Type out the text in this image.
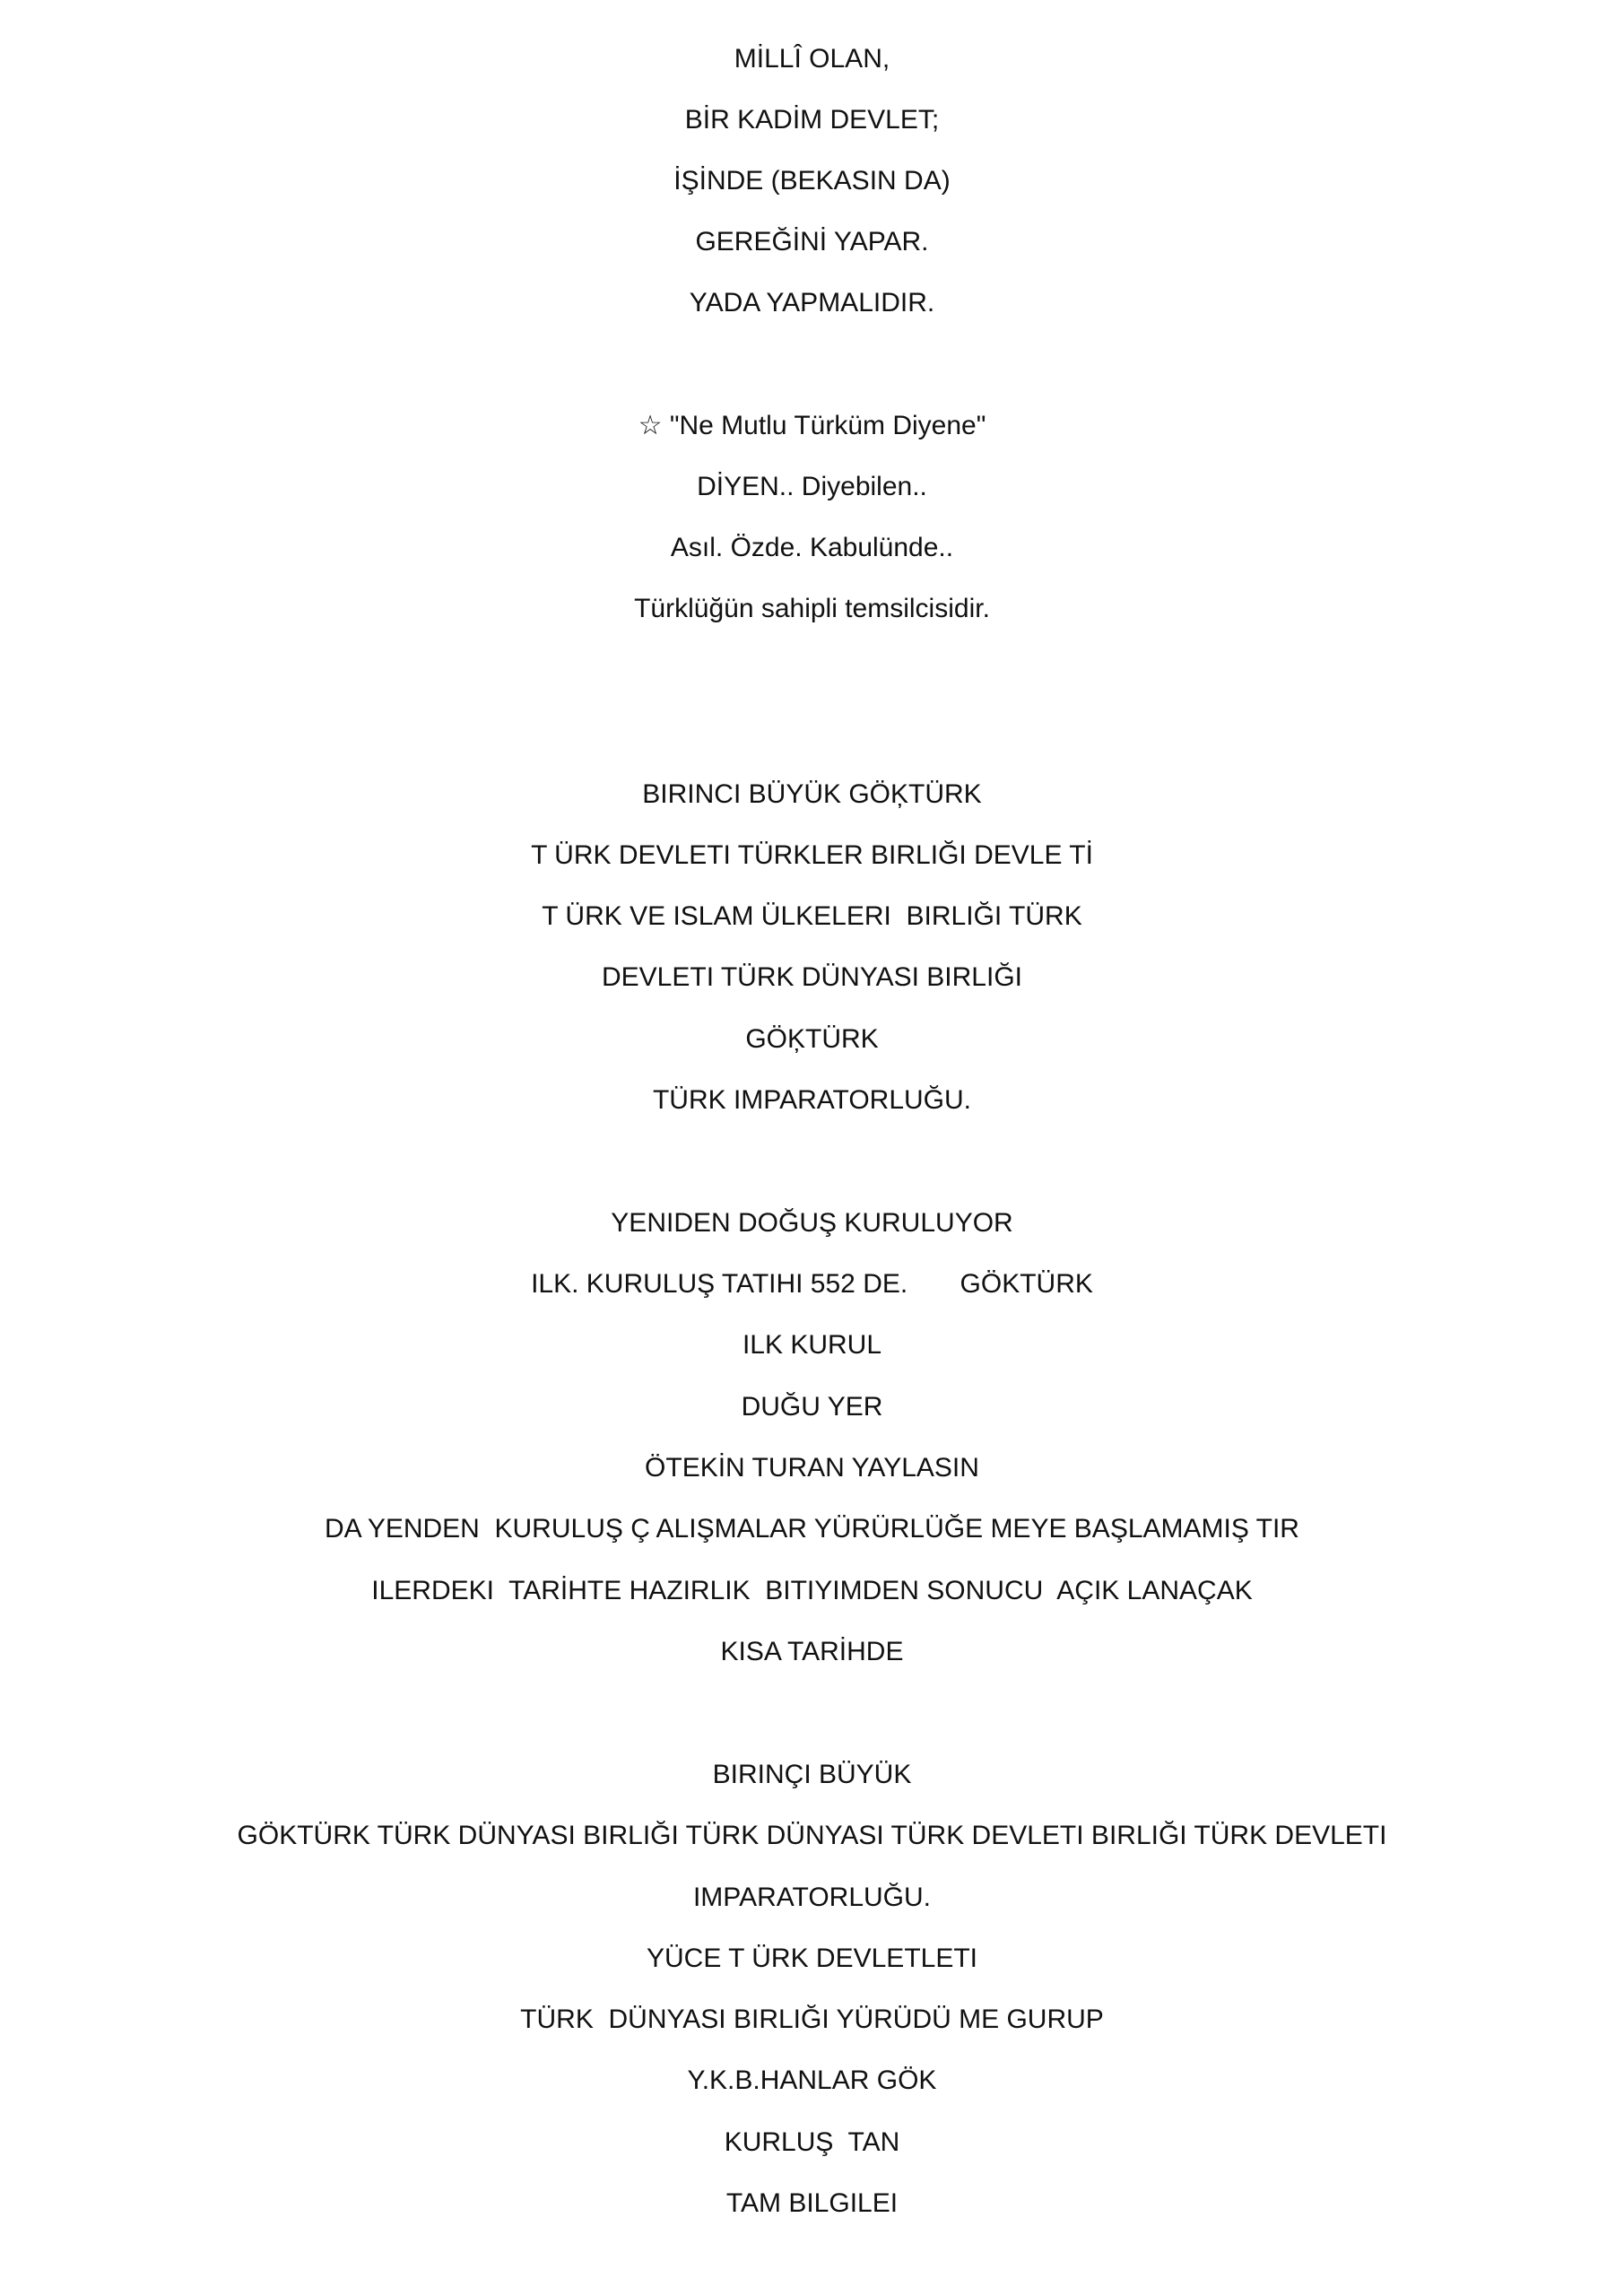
MİLLÎ OLAN,
BİR KADİM DEVLET;
İŞİNDE (BEKASIN DA)
GEREĞİNİ YAPAR.
YADA YAPMALIDIR.
☆ "Ne Mutlu Türküm Diyene"
DİYEN.. Diyebilen..
Asıl. Özde. Kabulünde..
Türklüğün sahipli temsilcisidir.
BIRINCI BÜYÜK GÖĶTÜRK
T ÜRK DEVLETI TÜRKLER BIRLIĞI DEVLE Tİ
T ÜRK VE ISLAM ÜLKELERI  BIRLIĞI TÜRK
DEVLETI TÜRK DÜNYASI BIRLIĞI
GÖĶTÜRK
TÜRK IMPARATORLUĞU.
YENIDEN DOĞUŞ KURULUYOR
ILK. KURULUŞ TATIHI 552 DE.       GÖKTÜRK
ILK KURUL
DUĞU YER
ÖTEKİN TURAN YAYLASIN
DA YENDEN  KURULUŞ Ç ALIŞMALAR YÜRÜRLÜĞE MEYE BAŞLAMAMIŞ TIR
ILERDEKI  TARİHTE HAZIRLIK  BITIYIMDEN SONUCU  AÇIK LANAÇAK
KISA TARİHDE
BIRINÇI BÜYÜK
GÖKTÜRK TÜRK DÜNYASI BIRLIĞI TÜRK DÜNYASI TÜRK DEVLETI BIRLIĞI TÜRK DEVLETI
IMPARATORLUĞU.
YÜCE T ÜRK DEVLETLETI
TÜRK  DÜNYASI BIRLIĞI YÜRÜDÜ ME GURUP
Y.K.B.HANLAR GÖK
KURLUŞ  TAN
TAM BILGILEI
